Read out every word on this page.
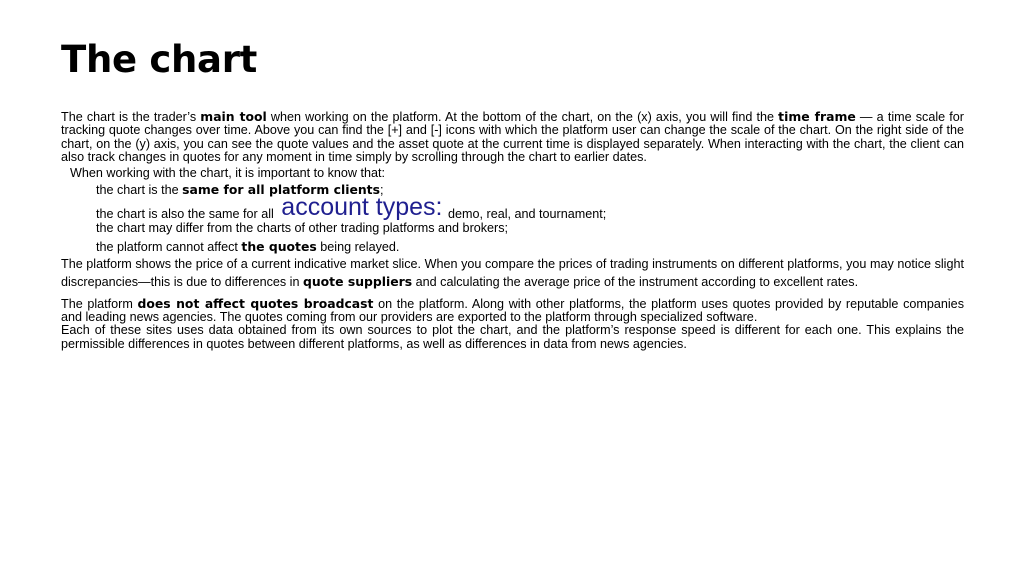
The chart

The chart is the trader’s main tool when working on the platform. At the bottom of the chart, on the (x) axis, you will find the time frame — a time scale for tracking quote changes over time. Above you can find the [+] and [-] icons with which the platform user can change the scale of the chart. On the right side of the chart, on the (y) axis, you can see the quote values and the asset quote at the current time is displayed separately. When interacting with the chart, the client can also track changes in quotes for any moment in time simply by scrolling through the chart to earlier dates.

When working with the chart, it is important to know that:

the chart is the same for all platform clients;

the chart is also the same for all account types: demo, real, and tournament;

the chart may differ from the charts of other trading platforms and brokers;

the platform cannot affect the quotes being relayed.

The platform shows the price of a current indicative market slice. When you compare the prices of trading instruments on different platforms, you may notice slight discrepancies—this is due to differences in quote suppliers and calculating the average price of the instrument according to excellent rates.

The platform does not affect quotes broadcast on the platform. Along with other platforms, the platform uses quotes provided by reputable companies and leading news agencies. The quotes coming from our providers are exported to the platform through specialized software.

Each of these sites uses data obtained from its own sources to plot the chart, and the platform’s response speed is different for each one. This explains the permissible differences in quotes between different platforms, as well as differences in data from news agencies.
